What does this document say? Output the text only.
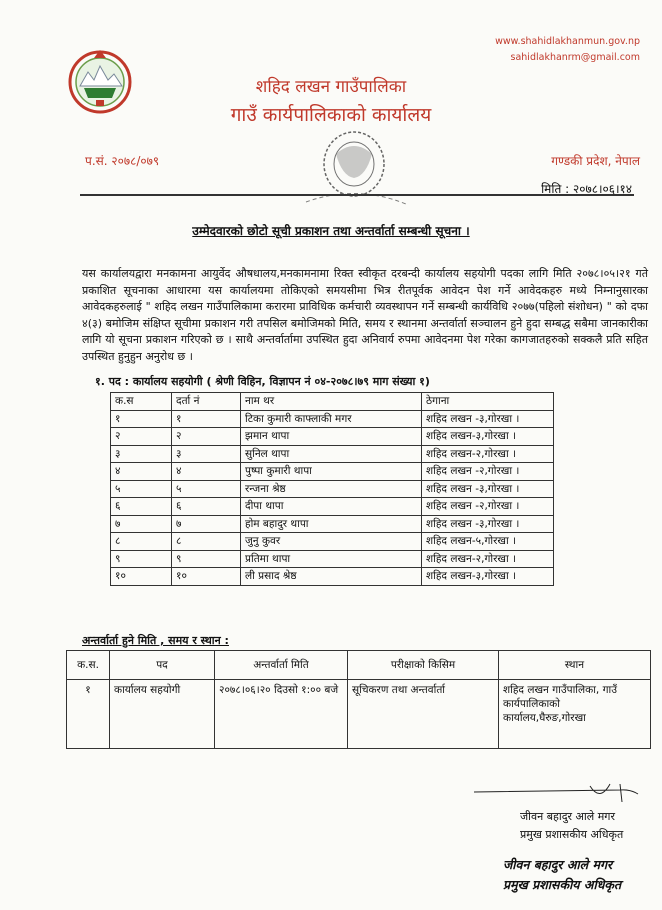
www.shahidlakhanmun.gov.np
sahidlakhanrm@gmail.com
शहिद लखन गाउँपालिका
गाउँ कार्यपालिकाको कार्यालय
प.सं. २०७८/०७९	गण्डकी प्रदेश, नेपाल
मिति : २०७८।०६।१४
उम्मेदवारको छोटो सूची प्रकाशन तथा अन्तर्वार्ता सम्बन्धी सूचना ।
यस कार्यालयद्वारा मनकामना आयुर्वेद औषधालय,मनकामनामा रिक्त स्वीकृत दरबन्दी कार्यालय सहयोगी पदका लागि मिति २०७८।०५।२१ गते प्रकाशित सूचनाका आधारमा यस कार्यालयमा तोकिएको समयसीमा भित्र रीतपूर्वक आवेदन पेश गर्ने आवेदकहरु मध्ये निम्नानुसारका आवेदकहरुलाई " शहिद लखन गाउँपालिकामा करारमा प्राविधिक कर्मचारी व्यवस्थापन गर्ने सम्बन्धी कार्यविधि २०७७(पहिलो संशोधन) " को दफा ४(३) बमोजिम संक्षिप्त सूचीमा प्रकाशन गरी तपसिल बमोजिमको मिति, समय र स्थानमा अन्तर्वार्ता सञ्चालन हुने हुदा सम्बद्ध सबैमा जानकारीका लागि यो सूचना प्रकाशन गरिएको छ । साथै अन्तर्वार्तामा उपस्थित हुदा अनिवार्य रुपमा आवेदनमा पेश गरेका कागजातहरुको सक्कलै प्रति सहित उपस्थित हुनुहुन अनुरोध छ ।
१. पद : कार्यालय सहयोगी ( श्रेणी विहिन, विज्ञापन नं ०४-२०७८।७९ माग संख्या १)
क.स	दर्ता नं	नाम थर	ठेगाना
१	१	टिका कुमारी काफ्लाकी मगर	शहिद लखन -३,गोरखा ।
२	२	झमान थापा	शहिद लखन-३,गोरखा ।
३	३	सुनिल थापा	शहिद लखन-२,गोरखा ।
४	४	पुष्पा कुमारी थापा	शहिद लखन -२,गोरखा ।
५	५	रन्जना श्रेष्ठ	शहिद लखन -३,गोरखा ।
६	६	दीपा थापा	शहिद लखन -२,गोरखा ।
७	७	होम बहादुर थापा	शहिद लखन -३,गोरखा ।
८	८	जुनु कुवर	शहिद लखन-५,गोरखा ।
९	९	प्रतिमा थापा	शहिद लखन-२,गोरखा ।
१०	१०	ली प्रसाद श्रेष्ठ	शहिद लखन-३,गोरखा ।
अन्तर्वार्ता हुने मिति , समय र स्थान :
क.स.	पद	अन्तर्वार्ता मिति	परीक्षाको किसिम	स्थान
१	कार्यालय सहयोगी	२०७८।०६।२० दिउसो १:०० बजे	सूचिकरण तथा अन्तर्वार्ता	शहिद लखन गाउँपालिका, गाउँ कार्यपालिकाको कार्यालय,घैरुङ,गोरखा
जीवन बहादुर आले मगर
प्रमुख प्रशासकीय अधिकृत
जीवन बहादुर आले मगर
प्रमुख प्रशासकीय अधिकृत
